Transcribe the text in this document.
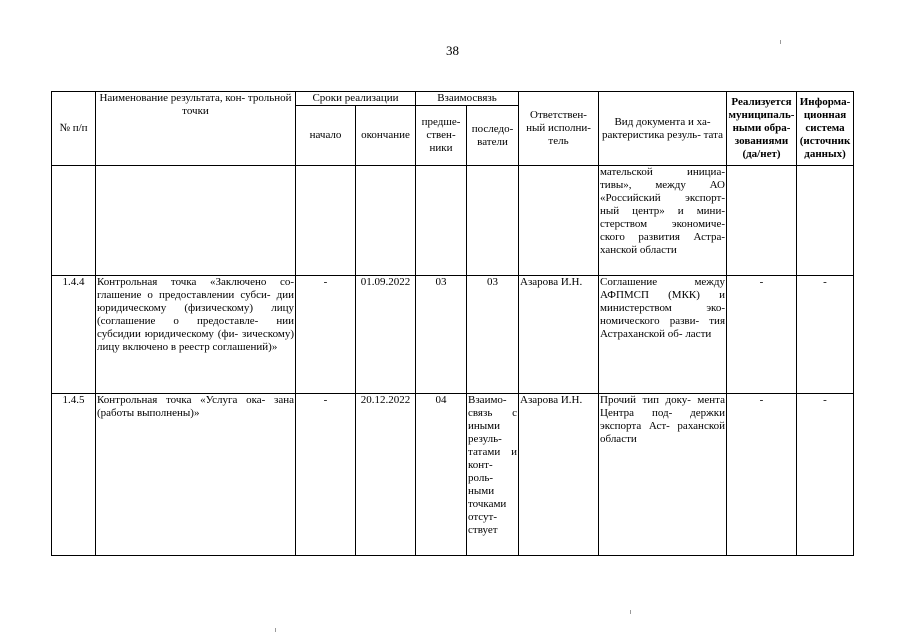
38
№ п/п	Наименование результата, кон- трольной точки	Сроки реализации		Взаимосвязь		Ответствен- ный исполни- тель	Вид документа и ха- рактеристика резуль- тата	Реализуется муниципаль- ными обра- зованиями (да/нет)	Информа- ционная система (источник данных)
		начало	окончание	предше- ствен- ники	последо- ватели				
							мательской инициа- тивы», между АО «Российский экспорт- ный центр» и мини- стерством экономиче- ского развития Астра- ханской области		
1.4.4	Контрольная точка «Заключено со- глашение о предоставлении субси- дии юридическому (физическому) лицу (соглашение о предоставле- нии субсидии юридическому (фи- зическому) лицу включено в реестр соглашений)»	-	01.09.2022	03	03	Азарова И.Н.	Соглашение между АФПМСП (МКК) и министерством эко- номического разви- тия Астраханской об- ласти	-	-
1.4.5	Контрольная точка «Услуга ока- зана (работы выполнены)»	-	20.12.2022	04	Взаимо- связь с иными резуль- татами и конт- роль- ными точками отсут- ствует	Азарова И.Н.	Прочий тип доку- мента Центра под- держки экспорта Аст- раханской области	-	-
